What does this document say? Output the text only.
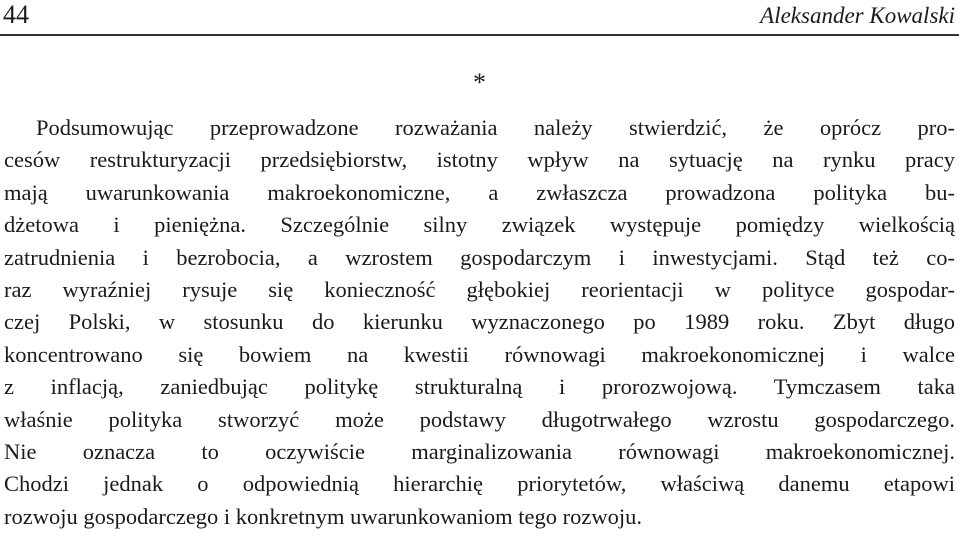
44	Aleksander Kowalski
*

Podsumowując przeprowadzone rozważania należy stwierdzić, że oprócz pro-
cesów restrukturyzacji przedsiębiorstw, istotny wpływ na sytuację na rynku pracy
mają uwarunkowania makroekonomiczne, a zwłaszcza prowadzona polityka bu-
dżetowa i pieniężna. Szczególnie silny związek występuje pomiędzy wielkością
zatrudnienia i bezrobocia, a wzrostem gospodarczym i inwestycjami. Stąd też co-
raz wyraźniej rysuje się konieczność głębokiej reorientacji w polityce gospodar-
czej Polski, w stosunku do kierunku wyznaczonego po 1989 roku. Zbyt długo
koncentrowano się bowiem na kwestii równowagi makroekonomicznej i walce
z inflacją, zaniedbując politykę strukturalną i prorozwojową. Tymczasem taka
właśnie polityka stworzyć może podstawy długotrwałego wzrostu gospodarczego.
Nie oznacza to oczywiście marginalizowania równowagi makroekonomicznej.
Chodzi jednak o odpowiednią hierarchię priorytetów, właściwą danemu etapowi
rozwoju gospodarczego i konkretnym uwarunkowaniom tego rozwoju.
